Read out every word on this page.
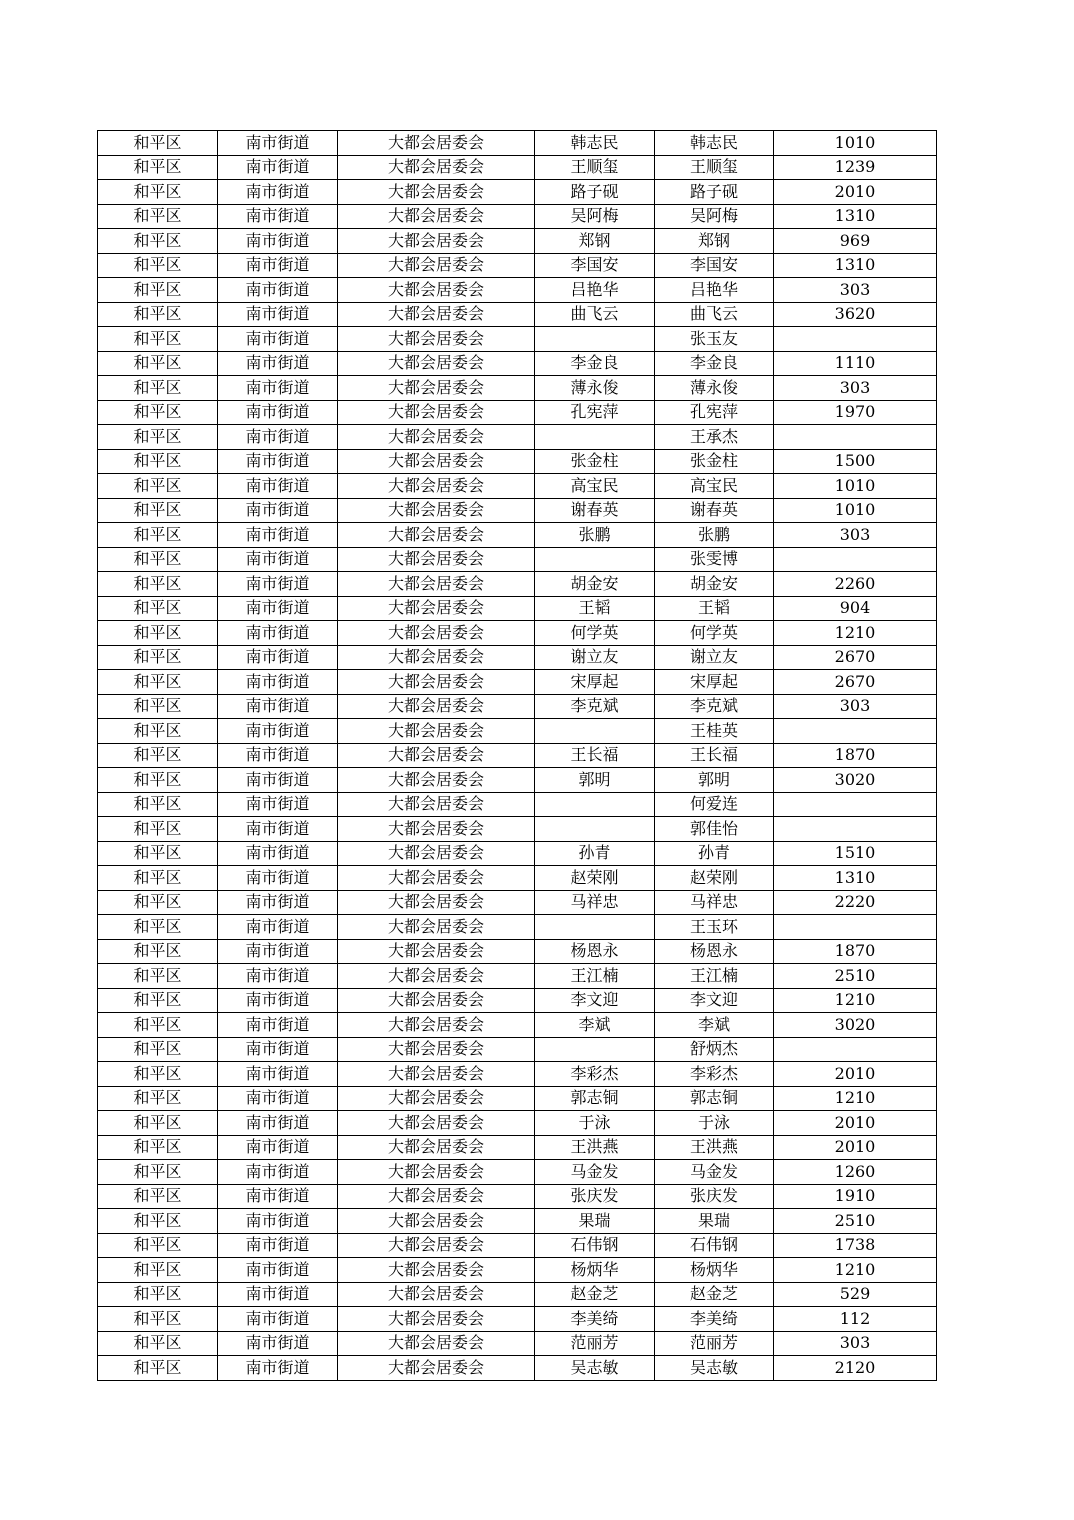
和平区	南市街道	大都会居委会	韩志民	韩志民	1010
和平区	南市街道	大都会居委会	王顺玺	王顺玺	1239
和平区	南市街道	大都会居委会	路子砚	路子砚	2010
和平区	南市街道	大都会居委会	吴阿梅	吴阿梅	1310
和平区	南市街道	大都会居委会	郑钢	郑钢	969
和平区	南市街道	大都会居委会	李国安	李国安	1310
和平区	南市街道	大都会居委会	吕艳华	吕艳华	303
和平区	南市街道	大都会居委会	曲飞云	曲飞云	3620
和平区	南市街道	大都会居委会		张玉友	
和平区	南市街道	大都会居委会	李金良	李金良	1110
和平区	南市街道	大都会居委会	薄永俊	薄永俊	303
和平区	南市街道	大都会居委会	孔宪萍	孔宪萍	1970
和平区	南市街道	大都会居委会		王承杰	
和平区	南市街道	大都会居委会	张金柱	张金柱	1500
和平区	南市街道	大都会居委会	高宝民	高宝民	1010
和平区	南市街道	大都会居委会	谢春英	谢春英	1010
和平区	南市街道	大都会居委会	张鹏	张鹏	303
和平区	南市街道	大都会居委会		张雯博	
和平区	南市街道	大都会居委会	胡金安	胡金安	2260
和平区	南市街道	大都会居委会	王韬	王韬	904
和平区	南市街道	大都会居委会	何学英	何学英	1210
和平区	南市街道	大都会居委会	谢立友	谢立友	2670
和平区	南市街道	大都会居委会	宋厚起	宋厚起	2670
和平区	南市街道	大都会居委会	李克斌	李克斌	303
和平区	南市街道	大都会居委会		王桂英	
和平区	南市街道	大都会居委会	王长福	王长福	1870
和平区	南市街道	大都会居委会	郭明	郭明	3020
和平区	南市街道	大都会居委会		何爱连	
和平区	南市街道	大都会居委会		郭佳怡	
和平区	南市街道	大都会居委会	孙青	孙青	1510
和平区	南市街道	大都会居委会	赵荣刚	赵荣刚	1310
和平区	南市街道	大都会居委会	马祥忠	马祥忠	2220
和平区	南市街道	大都会居委会		王玉环	
和平区	南市街道	大都会居委会	杨恩永	杨恩永	1870
和平区	南市街道	大都会居委会	王江楠	王江楠	2510
和平区	南市街道	大都会居委会	李文迎	李文迎	1210
和平区	南市街道	大都会居委会	李斌	李斌	3020
和平区	南市街道	大都会居委会		舒炳杰	
和平区	南市街道	大都会居委会	李彩杰	李彩杰	2010
和平区	南市街道	大都会居委会	郭志铜	郭志铜	1210
和平区	南市街道	大都会居委会	于泳	于泳	2010
和平区	南市街道	大都会居委会	王洪燕	王洪燕	2010
和平区	南市街道	大都会居委会	马金发	马金发	1260
和平区	南市街道	大都会居委会	张庆发	张庆发	1910
和平区	南市街道	大都会居委会	果瑞	果瑞	2510
和平区	南市街道	大都会居委会	石伟钢	石伟钢	1738
和平区	南市街道	大都会居委会	杨炳华	杨炳华	1210
和平区	南市街道	大都会居委会	赵金芝	赵金芝	529
和平区	南市街道	大都会居委会	李美绮	李美绮	112
和平区	南市街道	大都会居委会	范丽芳	范丽芳	303
和平区	南市街道	大都会居委会	吴志敏	吴志敏	2120
